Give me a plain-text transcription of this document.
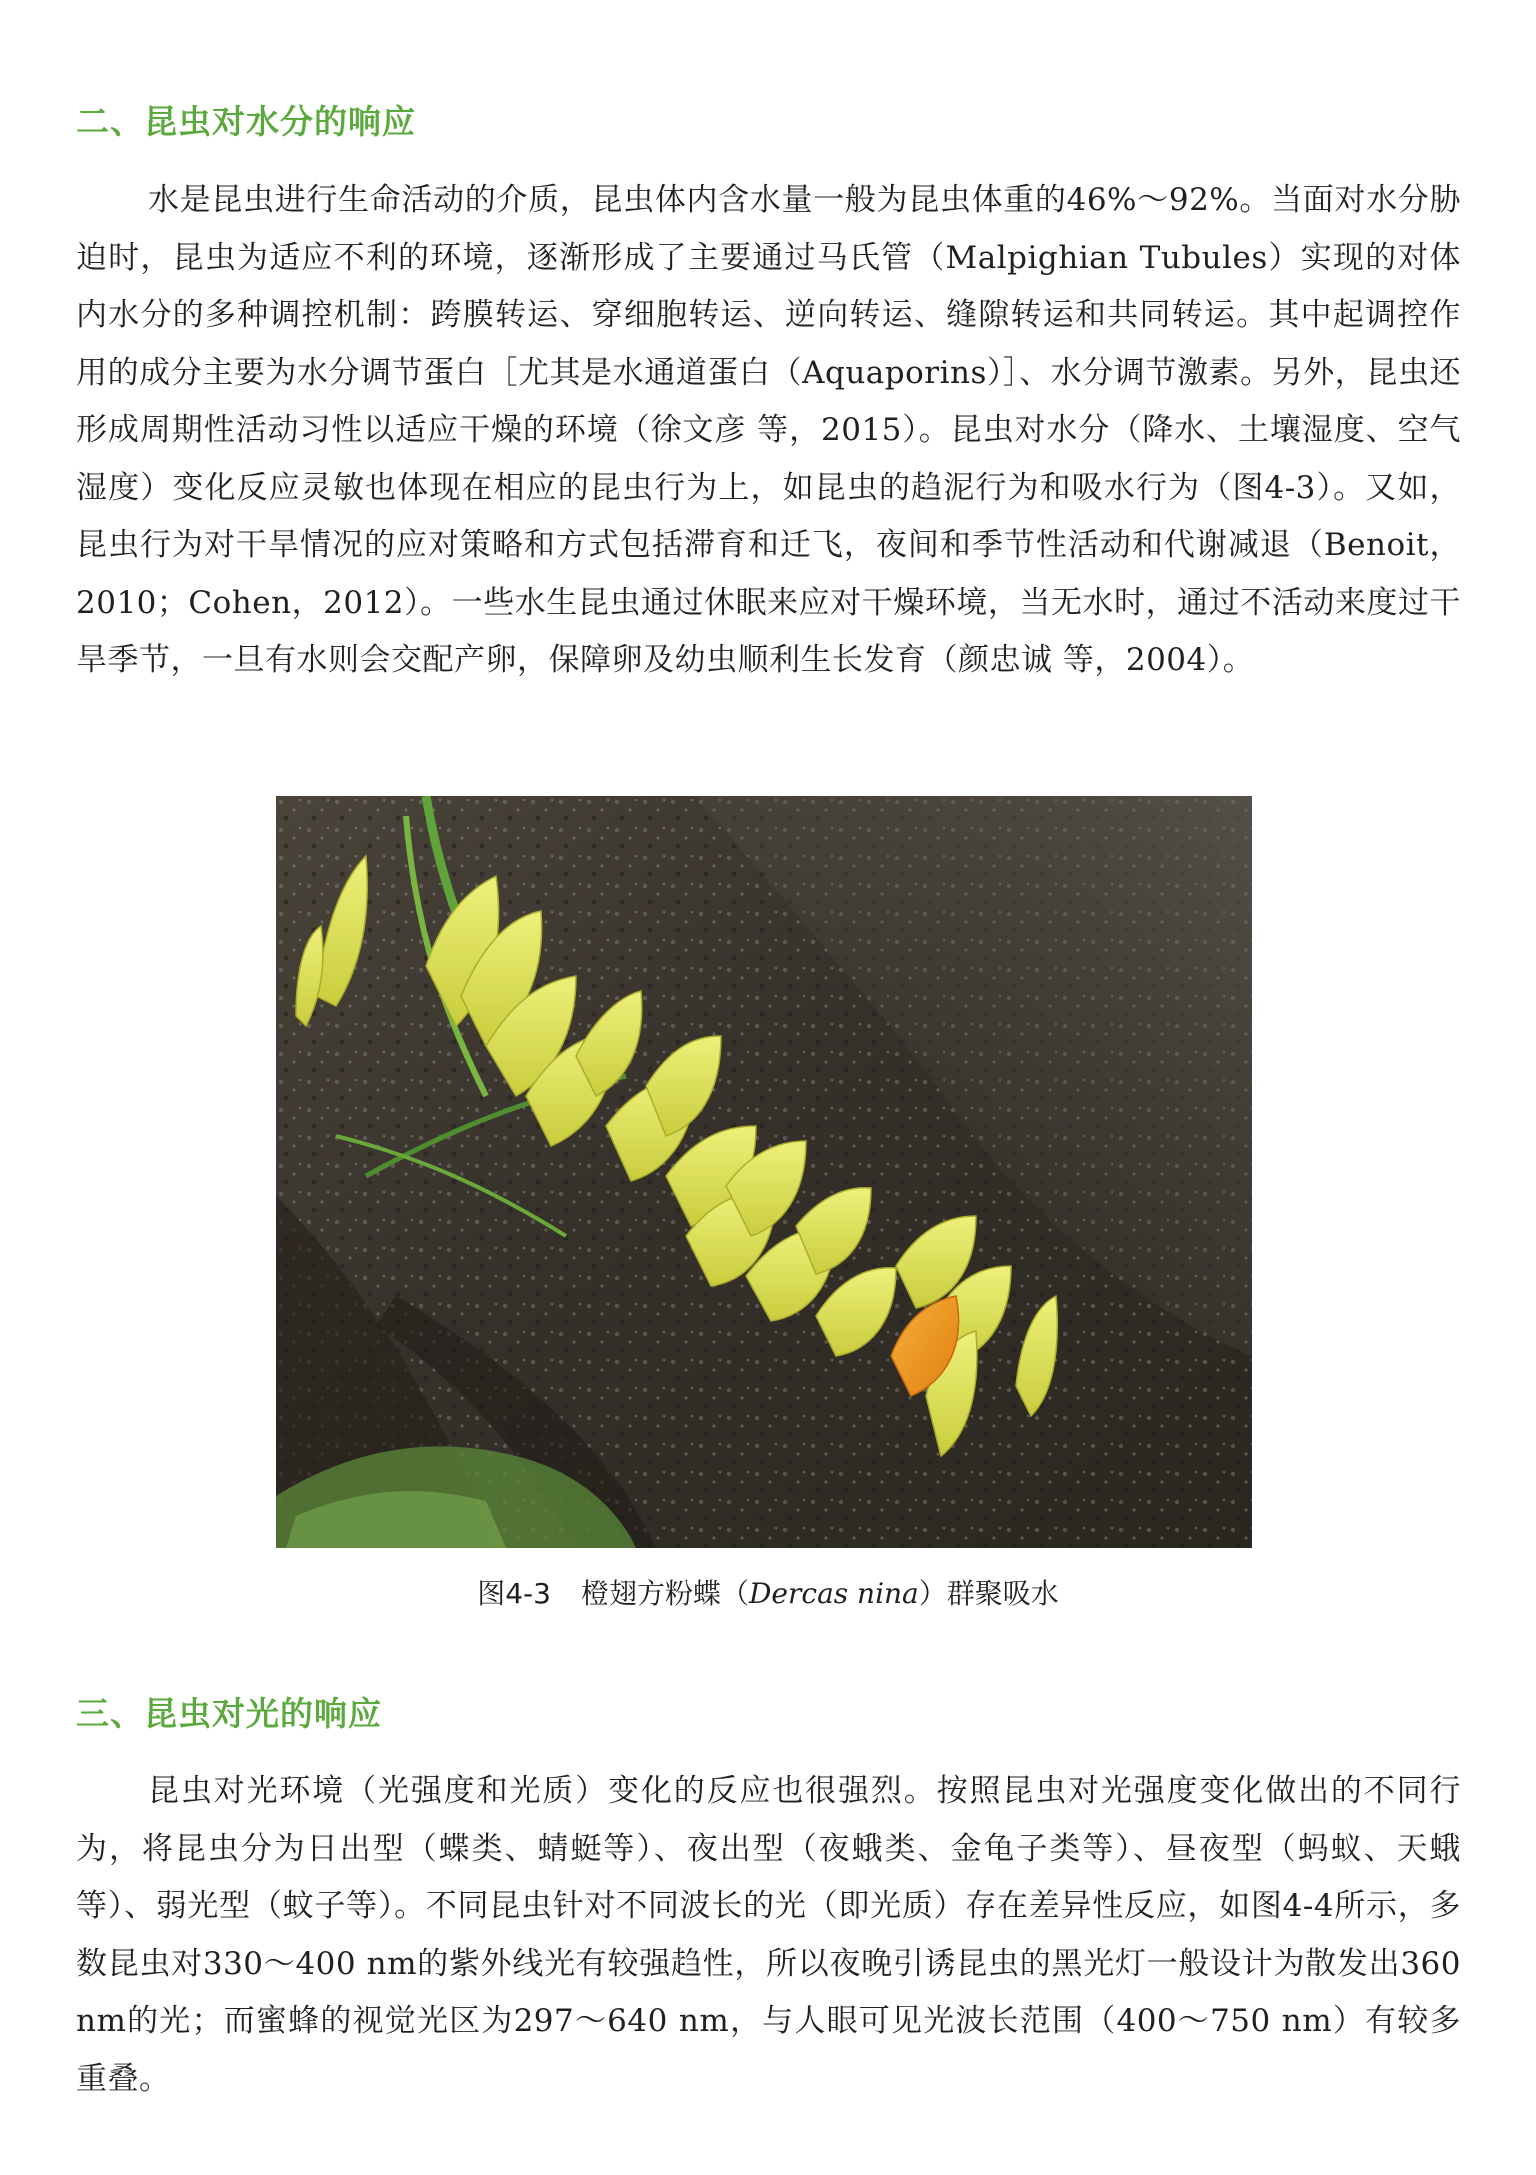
二、昆虫对水分的响应

水是昆虫进行生命活动的介质，昆虫体内含水量一般为昆虫体重的46%～92%。当面对水分胁迫时，昆虫为适应不利的环境，逐渐形成了主要通过马氏管（Malpighian Tubules）实现的对体内水分的多种调控机制：跨膜转运、穿细胞转运、逆向转运、缝隙转运和共同转运。其中起调控作用的成分主要为水分调节蛋白［尤其是水通道蛋白（Aquaporins）］、水分调节激素。另外，昆虫还形成周期性活动习性以适应干燥的环境（徐文彦 等，2015）。昆虫对水分（降水、土壤湿度、空气湿度）变化反应灵敏也体现在相应的昆虫行为上，如昆虫的趋泥行为和吸水行为（图4-3）。又如，昆虫行为对干旱情况的应对策略和方式包括滞育和迁飞，夜间和季节性活动和代谢减退（Benoit，2010；Cohen，2012）。一些水生昆虫通过休眠来应对干燥环境，当无水时，通过不活动来度过干旱季节，一旦有水则会交配产卵，保障卵及幼虫顺利生长发育（颜忠诚 等，2004）。

图4-3 橙翅方粉蝶（Dercas nina）群聚吸水
三、昆虫对光的响应

昆虫对光环境（光强度和光质）变化的反应也很强烈。按照昆虫对光强度变化做出的不同行为，将昆虫分为日出型（蝶类、蜻蜓等）、夜出型（夜蛾类、金龟子类等）、昼夜型（蚂蚁、天蛾等）、弱光型（蚊子等）。不同昆虫针对不同波长的光（即光质）存在差异性反应，如图4-4所示，多数昆虫对330～400 nm的紫外线光有较强趋性，所以夜晚引诱昆虫的黑光灯一般设计为散发出360 nm的光；而蜜蜂的视觉光区为297～640 nm，与人眼可见光波长范围（400～750 nm）有较多重叠。
